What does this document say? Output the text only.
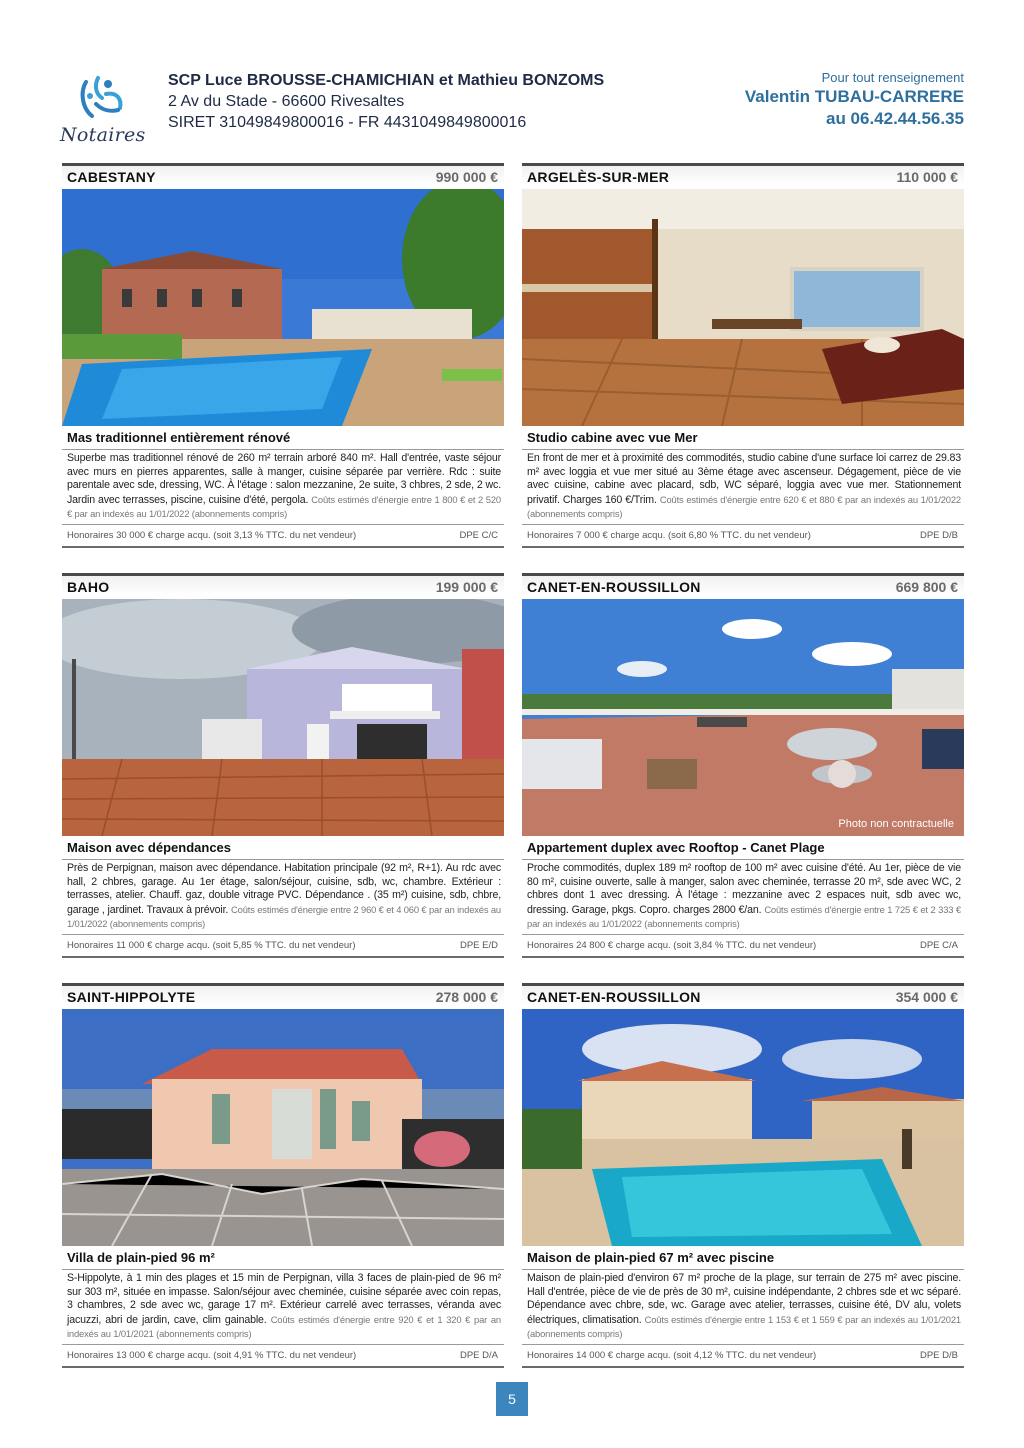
Notaires
SCP Luce BROUSSE-CHAMICHIAN et Mathieu BONZOMS
2 Av du Stade - 66600 Rivesaltes
SIRET 31049849800016 - FR 4431049849800016
Pour tout renseignement
Valentin TUBAU-CARRERE
au 06.42.44.56.35
CABESTANY	990 000 €
Mas traditionnel entièrement rénové
Superbe mas traditionnel rénové de 260 m² terrain arboré 840 m². Hall d'entrée, vaste séjour avec murs en pierres apparentes, salle à manger, cuisine séparée par verrière. Rdc : suite parentale avec sde, dressing, WC. À l'étage : salon mezzanine, 2e suite, 3 chbres, 2 sde, 2 wc. Jardin avec terrasses, piscine, cuisine d'été, pergola. Coûts estimés d'énergie entre 1 800 € et 2 520 € par an indexés au 1/01/2022 (abonnements compris)
Honoraires 30 000 € charge acqu. (soit 3,13 % TTC. du net vendeur)	DPE C/C
ARGELÈS-SUR-MER	110 000 €
Studio cabine avec vue Mer
En front de mer et à proximité des commodités, studio cabine d'une surface loi carrez de 29.83 m² avec loggia et vue mer situé au 3ème étage avec ascenseur. Dégagement, pièce de vie avec cuisine, cabine avec placard, sdb, WC séparé, loggia avec vue mer. Stationnement privatif. Charges 160 €/Trim. Coûts estimés d'énergie entre 620 € et 880 € par an indexés au 1/01/2022 (abonnements compris)
Honoraires 7 000 € charge acqu. (soit 6,80 % TTC. du net vendeur)	DPE D/B
BAHO	199 000 €
Maison avec dépendances
Près de Perpignan, maison avec dépendance. Habitation principale (92 m², R+1). Au rdc avec hall, 2 chbres, garage. Au 1er étage, salon/séjour, cuisine, sdb, wc, chambre. Extérieur : terrasses, atelier. Chauff. gaz, double vitrage PVC. Dépendance . (35 m²) cuisine, sdb, chbre, garage , jardinet. Travaux à prévoir. Coûts estimés d'énergie entre 2 960 € et 4 060 € par an indexés au 1/01/2022 (abonnements compris)
Honoraires 11 000 € charge acqu. (soit 5,85 % TTC. du net vendeur)	DPE E/D
CANET-EN-ROUSSILLON	669 800 €
Photo non contractuelle
Appartement duplex avec Rooftop - Canet Plage
Proche commodités, duplex 189 m² rooftop de 100 m² avec cuisine d'été. Au 1er, pièce de vie 80 m², cuisine ouverte, salle à manger, salon avec cheminée, terrasse 20 m², sde avec WC, 2 chbres dont 1 avec dressing. À l'étage : mezzanine avec 2 espaces nuit, sdb avec wc, dressing. Garage, pkgs. Copro. charges 2800 €/an. Coûts estimés d'énergie entre 1 725 € et 2 333 € par an indexés au 1/01/2022 (abonnements compris)
Honoraires 24 800 € charge acqu. (soit 3,84 % TTC. du net vendeur)	DPE C/A
SAINT-HIPPOLYTE	278 000 €
Villa de plain-pied 96 m²
S-Hippolyte, à 1 min des plages et 15 min de Perpignan, villa 3 faces de plain-pied de 96 m² sur 303 m², située en impasse. Salon/séjour avec cheminée, cuisine séparée avec coin repas, 3 chambres, 2 sde avec wc, garage 17 m². Extérieur carrelé avec terrasses, véranda avec jacuzzi, abri de jardin, cave, clim gainable. Coûts estimés d'énergie entre 920 € et 1 320 € par an indexés au 1/01/2021 (abonnements compris)
Honoraires 13 000 € charge acqu. (soit 4,91 % TTC. du net vendeur)	DPE D/A
CANET-EN-ROUSSILLON	354 000 €
Maison de plain-pied 67 m² avec piscine
Maison de plain-pied d'environ 67 m² proche de la plage, sur terrain de 275 m² avec piscine. Hall d'entrée, pièce de vie de près de 30 m², cuisine indépendante, 2 chbres sde et wc séparé. Dépendance avec chbre, sde, wc. Garage avec atelier, terrasses, cuisine été, DV alu, volets électriques, climatisation. Coûts estimés d'énergie entre 1 153 € et 1 559 € par an indexés au 1/01/2021 (abonnements compris)
Honoraires 14 000 € charge acqu. (soit 4,12 % TTC. du net vendeur)	DPE D/B
5
